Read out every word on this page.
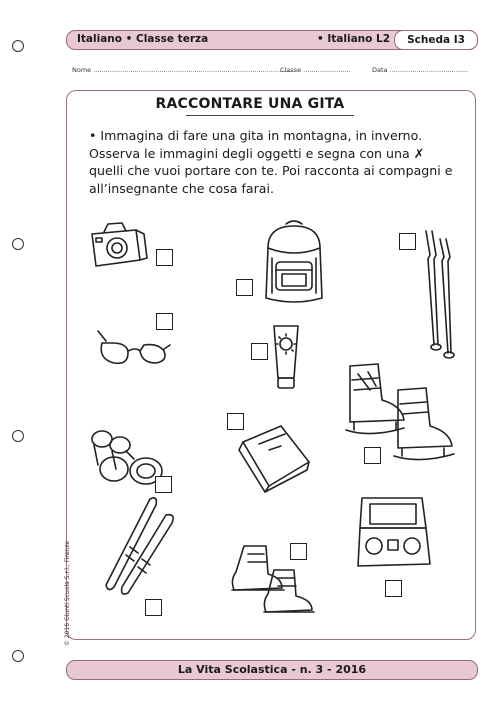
Italiano • Classe terza	• Italiano L2	Scheda I3
Nome ..................................................................................................
Classe .......................	Data ......................................
RACCONTARE UNA GITA
• Immagina di fare una gita in montagna, in inverno. Osserva le immagini degli oggetti e segna con una ✗ quelli che vuoi portare con te. Poi racconta ai compagni e all’insegnante che cosa farai.
© 2016 Giunti Scuola S.r.l., Firenze
La Vita Scolastica - n. 3 - 2016
